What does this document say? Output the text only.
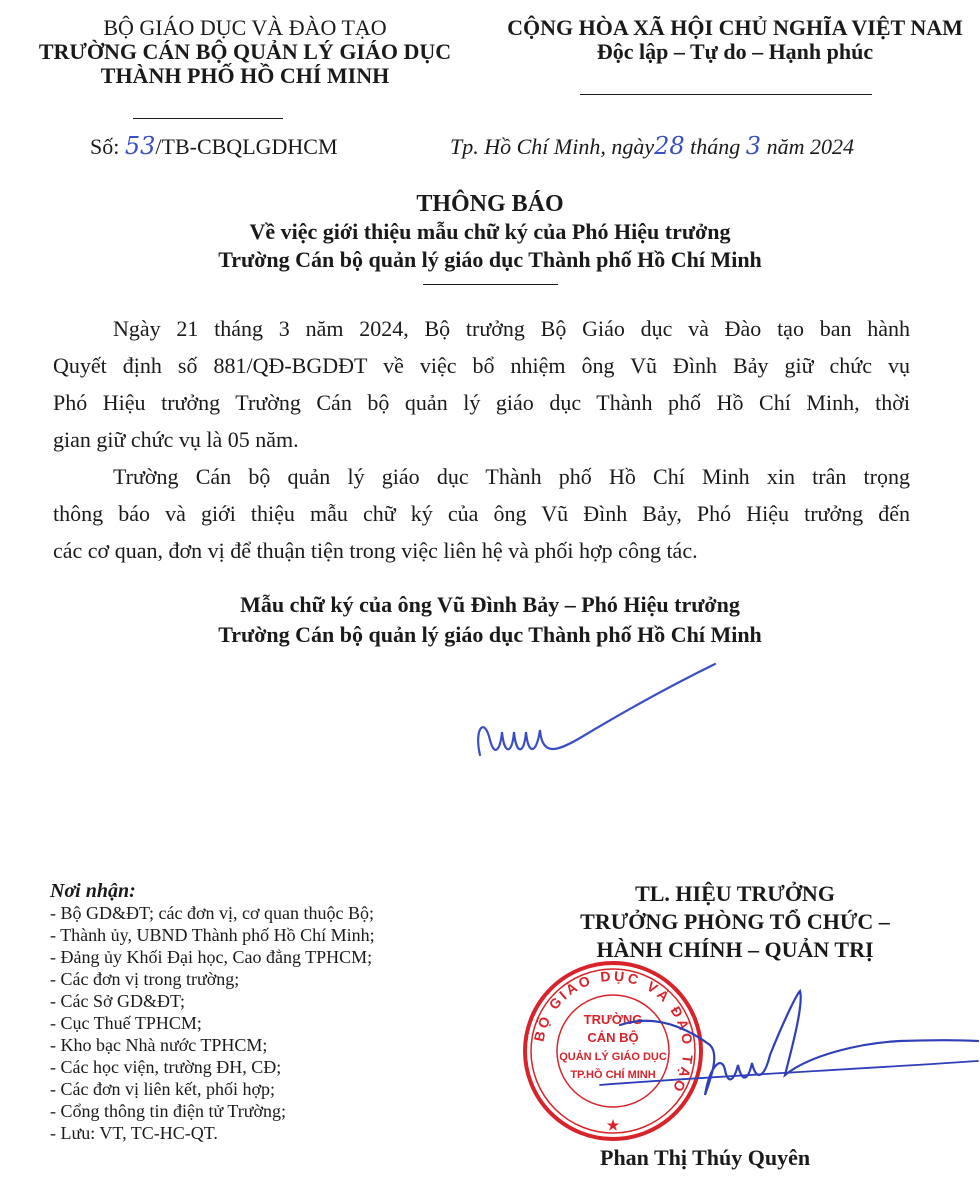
BỘ GIÁO DỤC VÀ ĐÀO TẠO
TRƯỜNG CÁN BỘ QUẢN LÝ GIÁO DỤC
THÀNH PHỐ HỒ CHÍ MINH
CỘNG HÒA XÃ HỘI CHỦ NGHĨA VIỆT NAM
Độc lập – Tự do – Hạnh phúc
Số: 53/TB-CBQLGDHCM	Tp. Hồ Chí Minh, ngày28 tháng 3 năm 2024
THÔNG BÁO
Về việc giới thiệu mẫu chữ ký của Phó Hiệu trưởng
Trường Cán bộ quản lý giáo dục Thành phố Hồ Chí Minh
Ngày 21 tháng 3 năm 2024, Bộ trưởng Bộ Giáo dục và Đào tạo ban hành
Quyết định số 881/QĐ-BGDĐT về việc bổ nhiệm ông Vũ Đình Bảy giữ chức vụ
Phó Hiệu trưởng Trường Cán bộ quản lý giáo dục Thành phố Hồ Chí Minh, thời
gian giữ chức vụ là 05 năm.
Trường Cán bộ quản lý giáo dục Thành phố Hồ Chí Minh xin trân trọng
thông báo và giới thiệu mẫu chữ ký của ông Vũ Đình Bảy, Phó Hiệu trưởng đến
các cơ quan, đơn vị để thuận tiện trong việc liên hệ và phối hợp công tác.
Mẫu chữ ký của ông Vũ Đình Bảy – Phó Hiệu trưởng
Trường Cán bộ quản lý giáo dục Thành phố Hồ Chí Minh
Nơi nhận:
- Bộ GD&ĐT; các đơn vị, cơ quan thuộc Bộ;
- Thành ủy, UBND Thành phố Hồ Chí Minh;
- Đảng ủy Khối Đại học, Cao đẳng TPHCM;
- Các đơn vị trong trường;
- Các Sở GD&ĐT;
- Cục Thuế TPHCM;
- Kho bạc Nhà nước TPHCM;
- Các học viện, trường ĐH, CĐ;
- Các đơn vị liên kết, phối hợp;
- Cổng thông tin điện tử Trường;
- Lưu: VT, TC-HC-QT.
TL. HIỆU TRƯỞNG
TRƯỞNG PHÒNG TỔ CHỨC –
HÀNH CHÍNH – QUẢN TRỊ
BỘ GIÁO DỤC VÀ ĐÀO TẠO
TRƯỜNG
CÁN BỘ
QUẢN LÝ GIÁO DỤC
TP.HỒ CHÍ MINH
★
Phan Thị Thúy Quyên
